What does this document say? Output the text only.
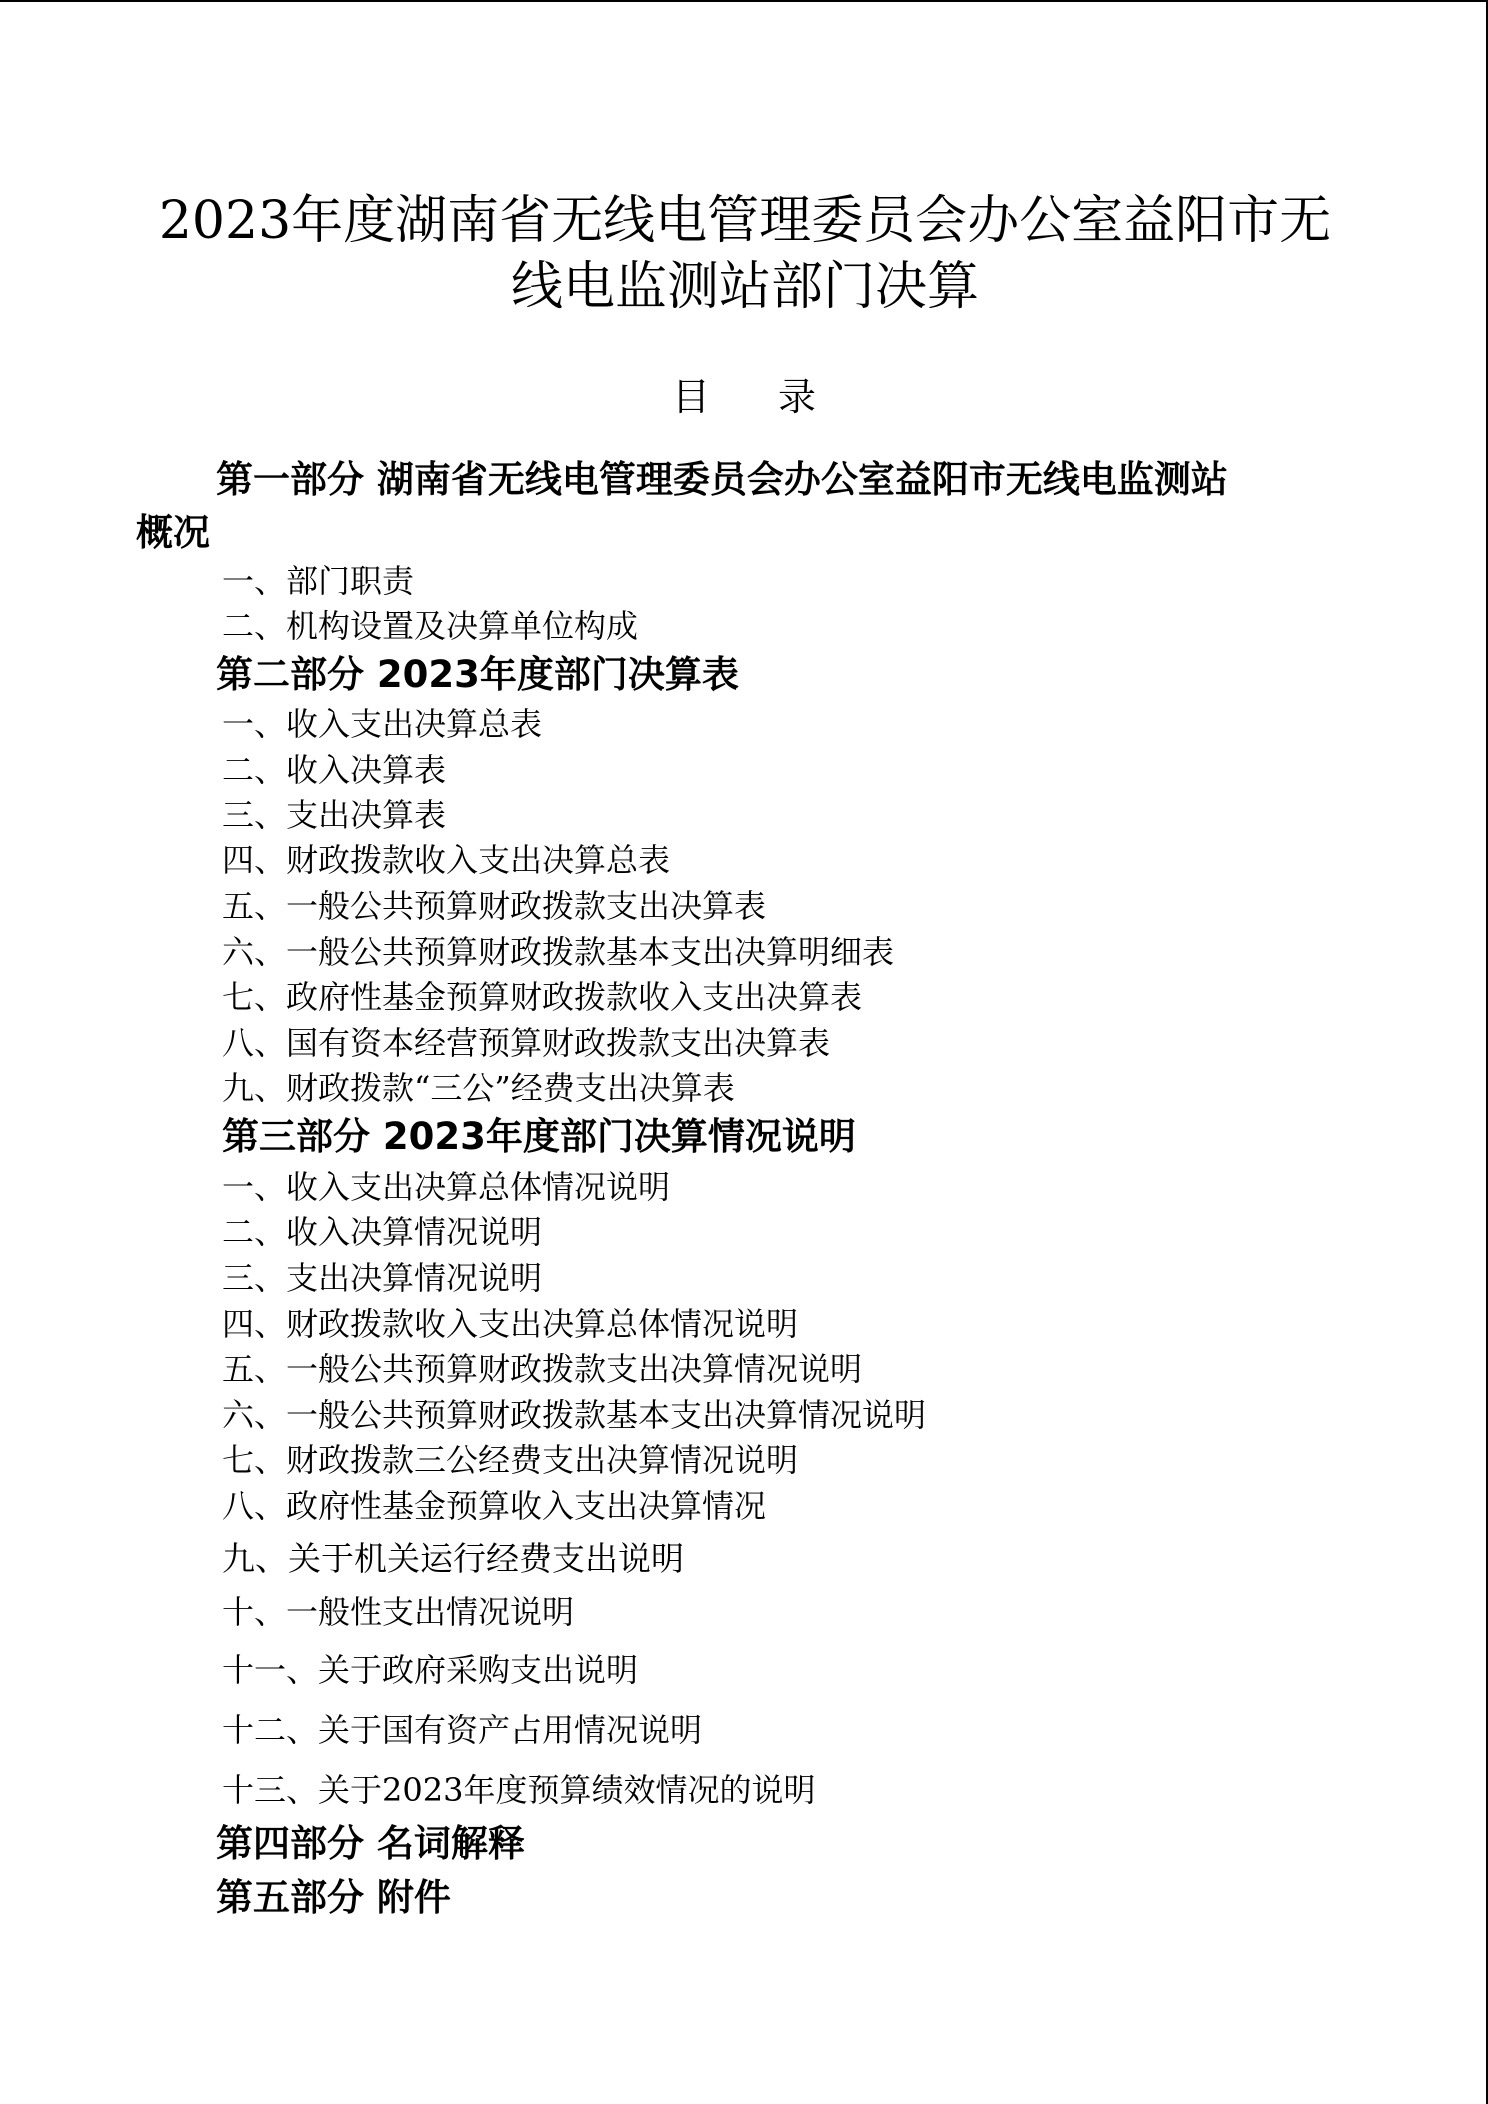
2023年度湖南省无线电管理委员会办公室益阳市无
线电监测站部门决算
目 录
第一部分 湖南省无线电管理委员会办公室益阳市无线电监测站
概况
一、部门职责
二、机构设置及决算单位构成
第二部分 2023年度部门决算表
一、收入支出决算总表
二、收入决算表
三、支出决算表
四、财政拨款收入支出决算总表
五、一般公共预算财政拨款支出决算表
六、一般公共预算财政拨款基本支出决算明细表
七、政府性基金预算财政拨款收入支出决算表
八、国有资本经营预算财政拨款支出决算表
九、财政拨款“三公”经费支出决算表
第三部分 2023年度部门决算情况说明
一、收入支出决算总体情况说明
二、收入决算情况说明
三、支出决算情况说明
四、财政拨款收入支出决算总体情况说明
五、一般公共预算财政拨款支出决算情况说明
六、一般公共预算财政拨款基本支出决算情况说明
七、财政拨款三公经费支出决算情况说明
八、政府性基金预算收入支出决算情况
九、关于机关运行经费支出说明
十、一般性支出情况说明
十一、关于政府采购支出说明
十二、关于国有资产占用情况说明
十三、关于2023年度预算绩效情况的说明
第四部分 名词解释
第五部分 附件
